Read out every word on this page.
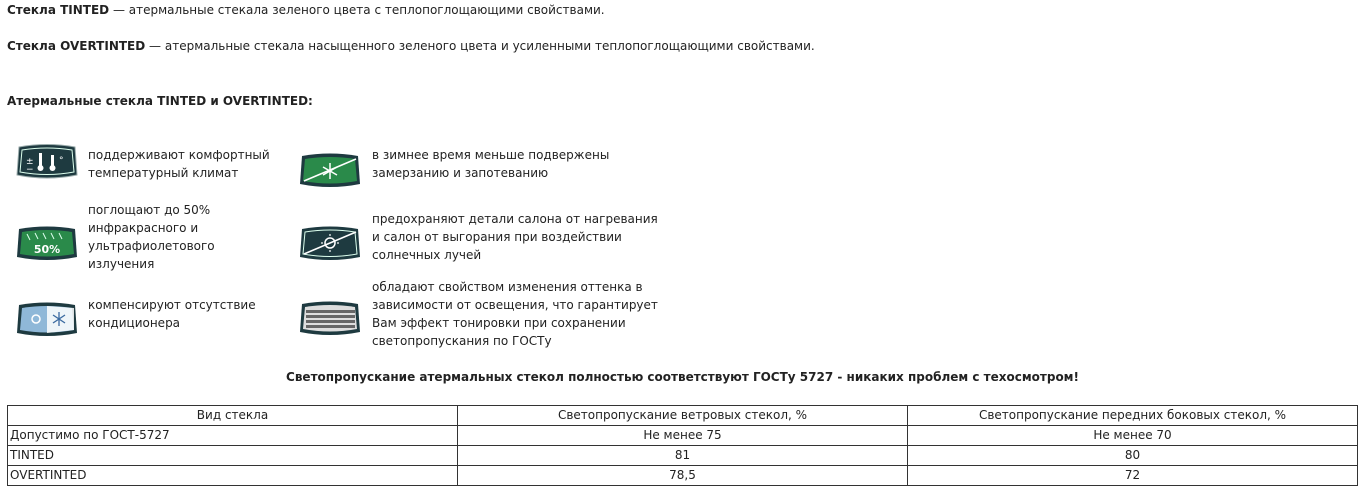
Стекла TINTED — атермальные стекала зеленого цвета с теплопоглощающими свойствами.
Стекла OVERTINTED — атермальные стекала насыщенного зеленого цвета и усиленными теплопоглощающими свойствами.
Атермальные стекла TINTED и OVERTINTED:
±
−
° поддерживают комфортный
температурный климат
в зимнее время меньше подвержены
замерзанию и запотеванию
50%
поглощают до 50%
инфракрасного и
ультрафиолетового
излучения
предохраняют детали салона от нагревания
и салон от выгорания при воздействии
солнечных лучей
компенсируют отсутствие
кондиционера
обладают свойством изменения оттенка в
зависимости от освещения, что гарантирует
Вам эффект тонировки при сохранении
светопропускания по ГОСТу
Светопропускание атермальных стекол полностью соответствуют ГОСТу 5727 - никаких проблем с техосмотром!
Вид стекла	Светопропускание ветровых стекол, %	Светопропускание передних боковых стекол, %
Допустимо по ГОСТ-5727	Не менее 75	Не менее 70
TINTED	81	80
OVERTINTED	78,5	72
